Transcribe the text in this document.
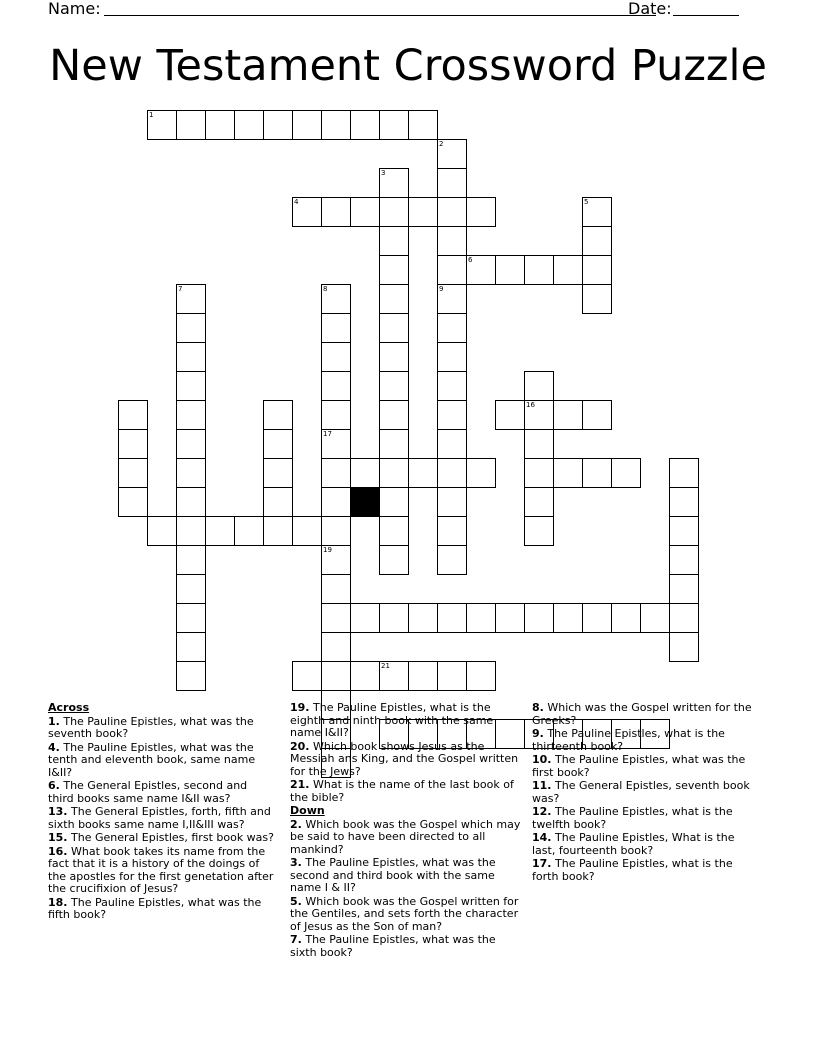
Name:	Date:
New Testament Crossword Puzzle
1
2
9
3
4	5
6
7	8
17
19
16
21
Across
1. The Pauline Epistles, what was the seventh book?
4. The Pauline Epistles, what was the tenth and eleventh book, same name I&II?
6. The General Epistles, second and third books same name I&II was?
13. The General Epistles, forth, fifth and sixth books same name I,II&III was?
15. The General Epistles, first book was?
16. What book takes its name from the fact that it is a history of the doings of the apostles for the first genetation after the crucifixion of Jesus?
18. The Pauline Epistles, what was the fifth book?
19. The Pauline Epistles, what is the eighth and ninth book with the same name I&II?
20. Which book shows Jesus as the Messiah ans King, and the Gospel written for the Jews?
21. What is the name of the last book of the bible?
Down
2. Which book was the Gospel which may be said to have been directed to all mankind?
3. The Pauline Epistles, what was the second and third book with the same name I & II?
5. Which book was the Gospel written for the Gentiles, and sets forth the character of Jesus as the Son of man?
7. The Pauline Epistles, what was the sixth book?
8. Which was the Gospel written for the Greeks?
9. The Pauline Epistles, what is the thirteenth book?
10. The Pauline Epistles, what was the first book?
11. The General Epistles, seventh book was?
12. The Pauline Epistles, what is the twelfth book?
14. The Pauline Epistles, What is the last, fourteenth book?
17. The Pauline Epistles, what is the forth book?
